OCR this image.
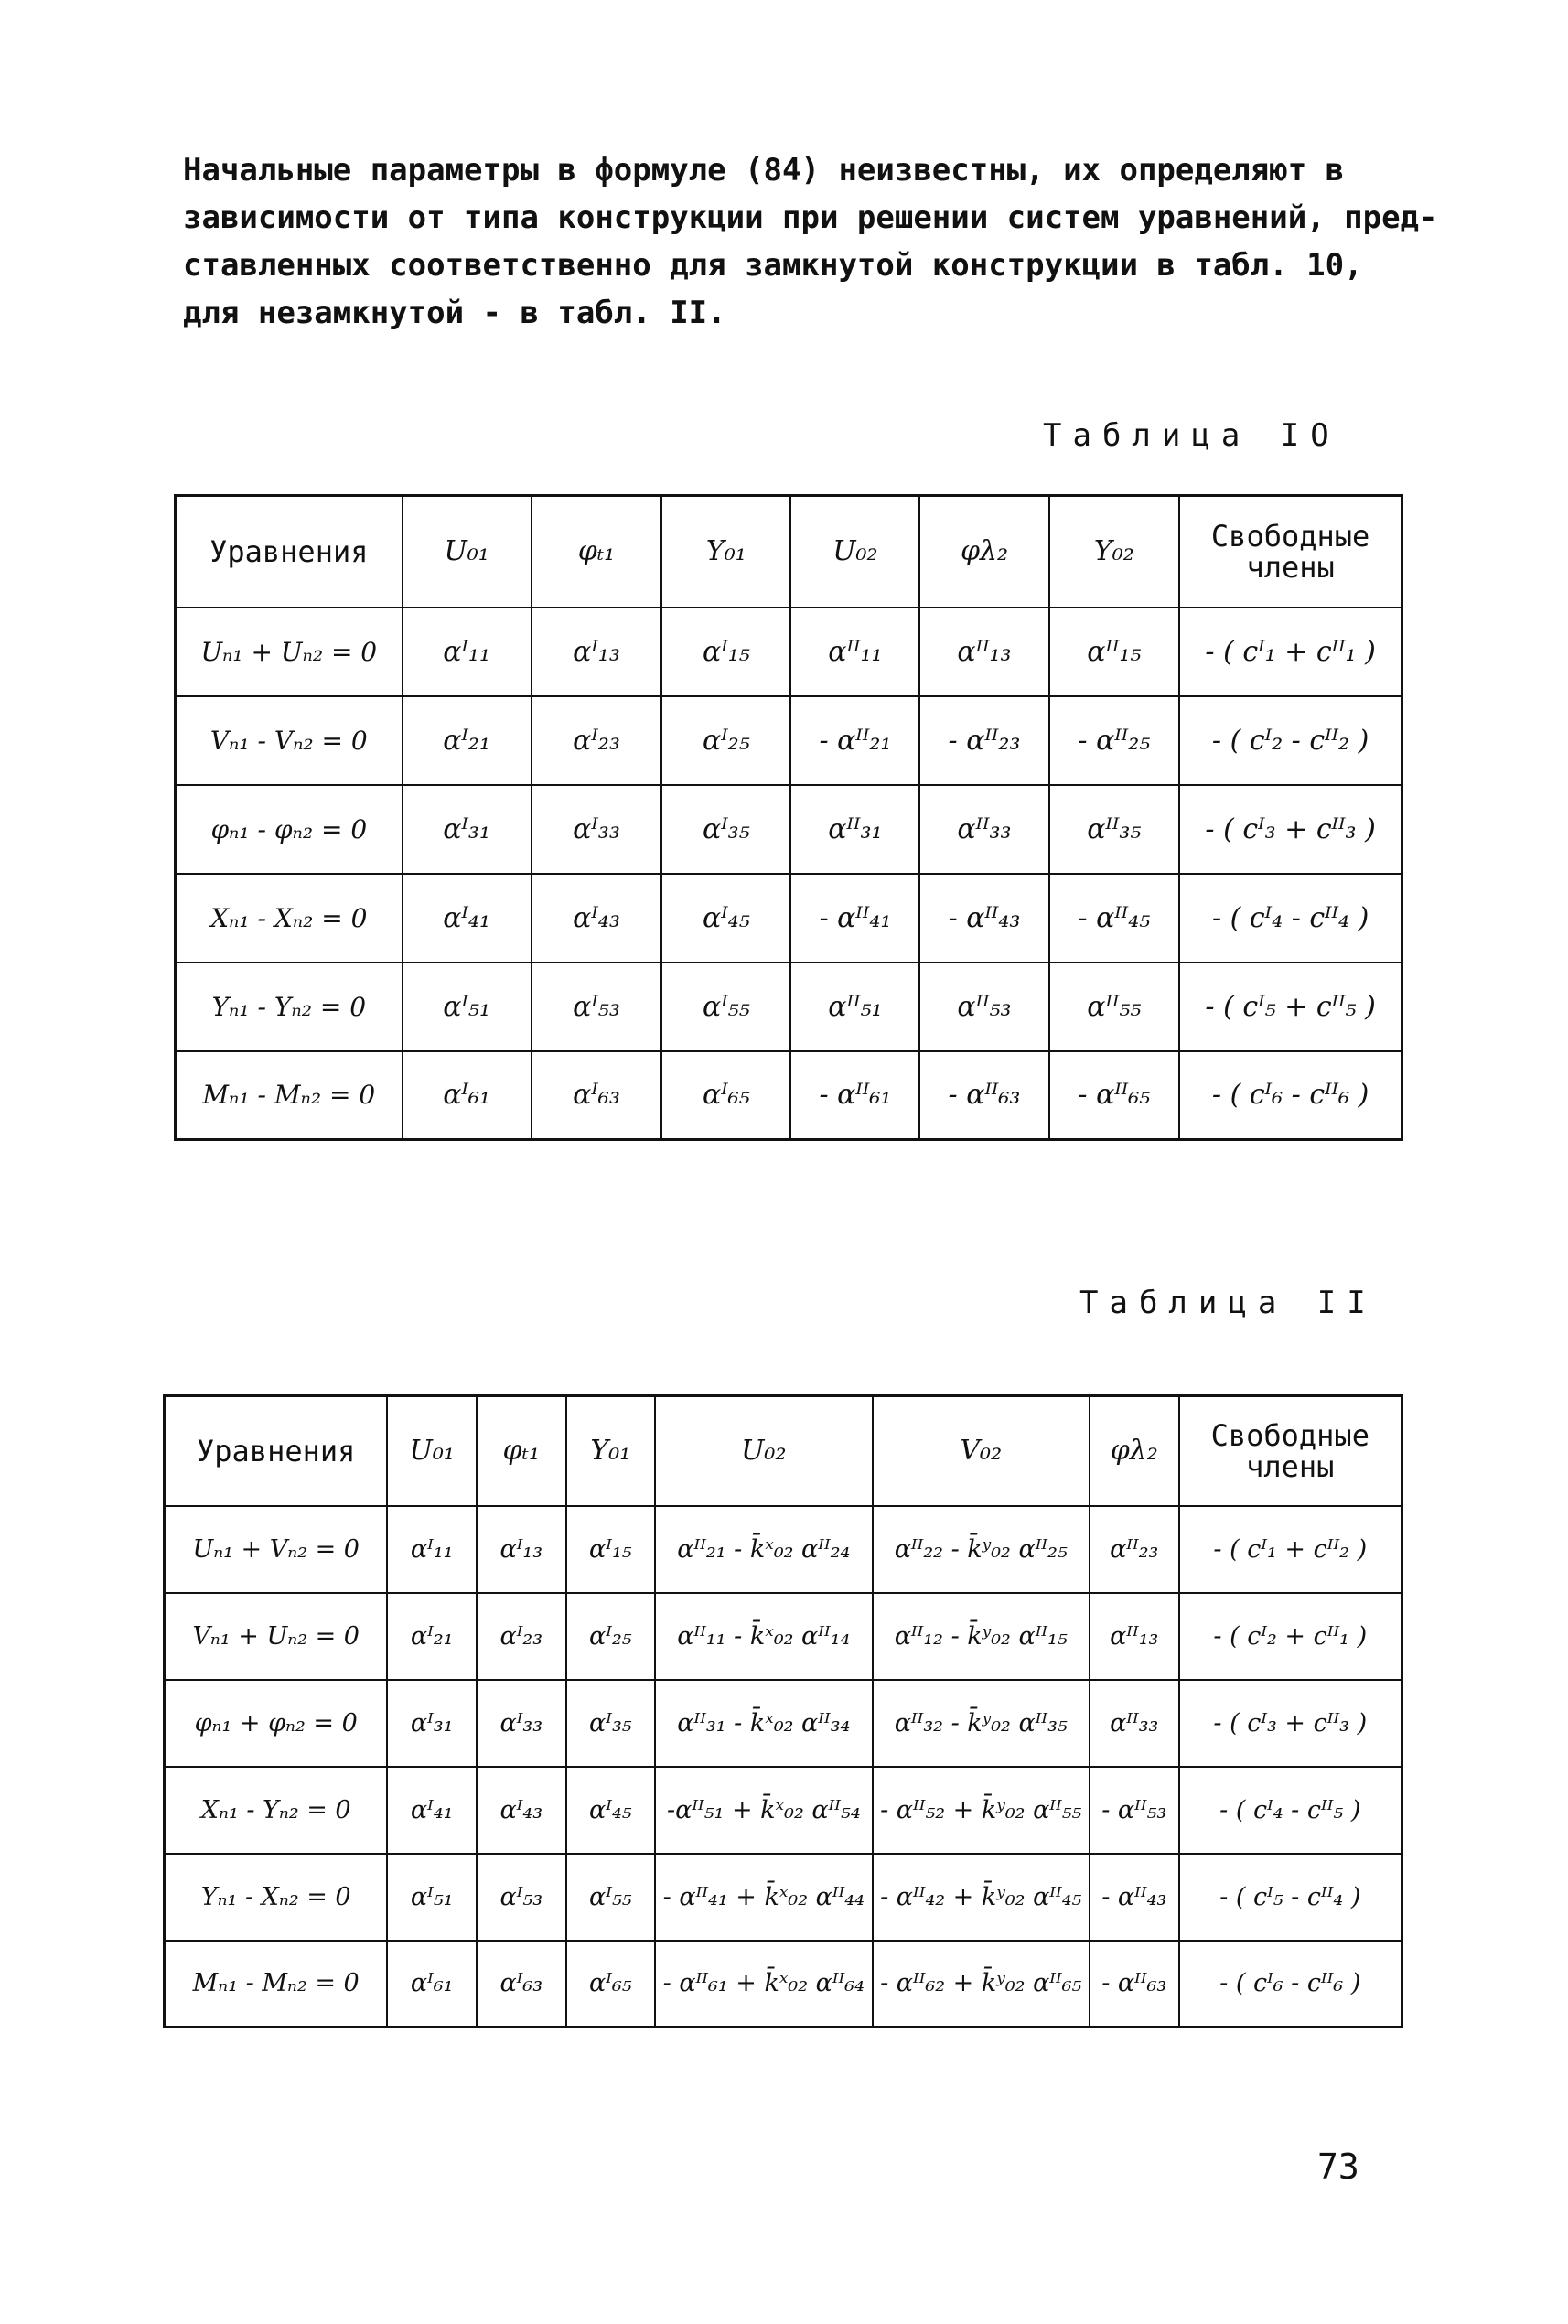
Начальные параметры в формуле (84) неизвестны, их определяют в
зависимости от типа конструкции при решении систем уравнений, пред-
ставленных соответственно для замкнутой конструкции в табл. 10,
для незамкнутой - в табл. II.

Таблица IO
Уравнения	U₀₁	φₜ₁	Y₀₁	U₀₂	φλ₂	Y₀₂	Свободные члены
Uₙ₁ + Uₙ₂ = 0	αᴵ₁₁	αᴵ₁₃	αᴵ₁₅	αᴵᴵ₁₁	αᴵᴵ₁₃	αᴵᴵ₁₅	- ( cᴵ₁ + cᴵᴵ₁ )
Vₙ₁ - Vₙ₂ = 0	αᴵ₂₁	αᴵ₂₃	αᴵ₂₅	- αᴵᴵ₂₁	- αᴵᴵ₂₃	- αᴵᴵ₂₅	- ( cᴵ₂ - cᴵᴵ₂ )
φₙ₁ - φₙ₂ = 0	αᴵ₃₁	αᴵ₃₃	αᴵ₃₅	αᴵᴵ₃₁	αᴵᴵ₃₃	αᴵᴵ₃₅	- ( cᴵ₃ + cᴵᴵ₃ )
Xₙ₁ - Xₙ₂ = 0	αᴵ₄₁	αᴵ₄₃	αᴵ₄₅	- αᴵᴵ₄₁	- αᴵᴵ₄₃	- αᴵᴵ₄₅	- ( cᴵ₄ - cᴵᴵ₄ )
Yₙ₁ - Yₙ₂ = 0	αᴵ₅₁	αᴵ₅₃	αᴵ₅₅	αᴵᴵ₅₁	αᴵᴵ₅₃	αᴵᴵ₅₅	- ( cᴵ₅ + cᴵᴵ₅ )
Mₙ₁ - Mₙ₂ = 0	αᴵ₆₁	αᴵ₆₃	αᴵ₆₅	- αᴵᴵ₆₁	- αᴵᴵ₆₃	- αᴵᴵ₆₅	- ( cᴵ₆ - cᴵᴵ₆ )
Таблица II
Уравнения	U₀₁	φₜ₁	Y₀₁	U₀₂	V₀₂	φλ₂	Свободные члены
Uₙ₁ + Vₙ₂ = 0	αᴵ₁₁	αᴵ₁₃	αᴵ₁₅	αᴵᴵ₂₁ - k̄ˣ₀₂ αᴵᴵ₂₄	αᴵᴵ₂₂ - k̄ʸ₀₂ αᴵᴵ₂₅	αᴵᴵ₂₃	- ( cᴵ₁ + cᴵᴵ₂ )
Vₙ₁ + Uₙ₂ = 0	αᴵ₂₁	αᴵ₂₃	αᴵ₂₅	αᴵᴵ₁₁ - k̄ˣ₀₂ αᴵᴵ₁₄	αᴵᴵ₁₂ - k̄ʸ₀₂ αᴵᴵ₁₅	αᴵᴵ₁₃	- ( cᴵ₂ + cᴵᴵ₁ )
φₙ₁ + φₙ₂ = 0	αᴵ₃₁	αᴵ₃₃	αᴵ₃₅	αᴵᴵ₃₁ - k̄ˣ₀₂ αᴵᴵ₃₄	αᴵᴵ₃₂ - k̄ʸ₀₂ αᴵᴵ₃₅	αᴵᴵ₃₃	- ( cᴵ₃ + cᴵᴵ₃ )
Xₙ₁ - Yₙ₂ = 0	αᴵ₄₁	αᴵ₄₃	αᴵ₄₅	-αᴵᴵ₅₁ + k̄ˣ₀₂ αᴵᴵ₅₄	- αᴵᴵ₅₂ + k̄ʸ₀₂ αᴵᴵ₅₅	- αᴵᴵ₅₃	- ( cᴵ₄ - cᴵᴵ₅ )
Yₙ₁ - Xₙ₂ = 0	αᴵ₅₁	αᴵ₅₃	αᴵ₅₅	- αᴵᴵ₄₁ + k̄ˣ₀₂ αᴵᴵ₄₄	- αᴵᴵ₄₂ + k̄ʸ₀₂ αᴵᴵ₄₅	- αᴵᴵ₄₃	- ( cᴵ₅ - cᴵᴵ₄ )
Mₙ₁ - Mₙ₂ = 0	αᴵ₆₁	αᴵ₆₃	αᴵ₆₅	- αᴵᴵ₆₁ + k̄ˣ₀₂ αᴵᴵ₆₄	- αᴵᴵ₆₂ + k̄ʸ₀₂ αᴵᴵ₆₅	- αᴵᴵ₆₃	- ( cᴵ₆ - cᴵᴵ₆ )
73
